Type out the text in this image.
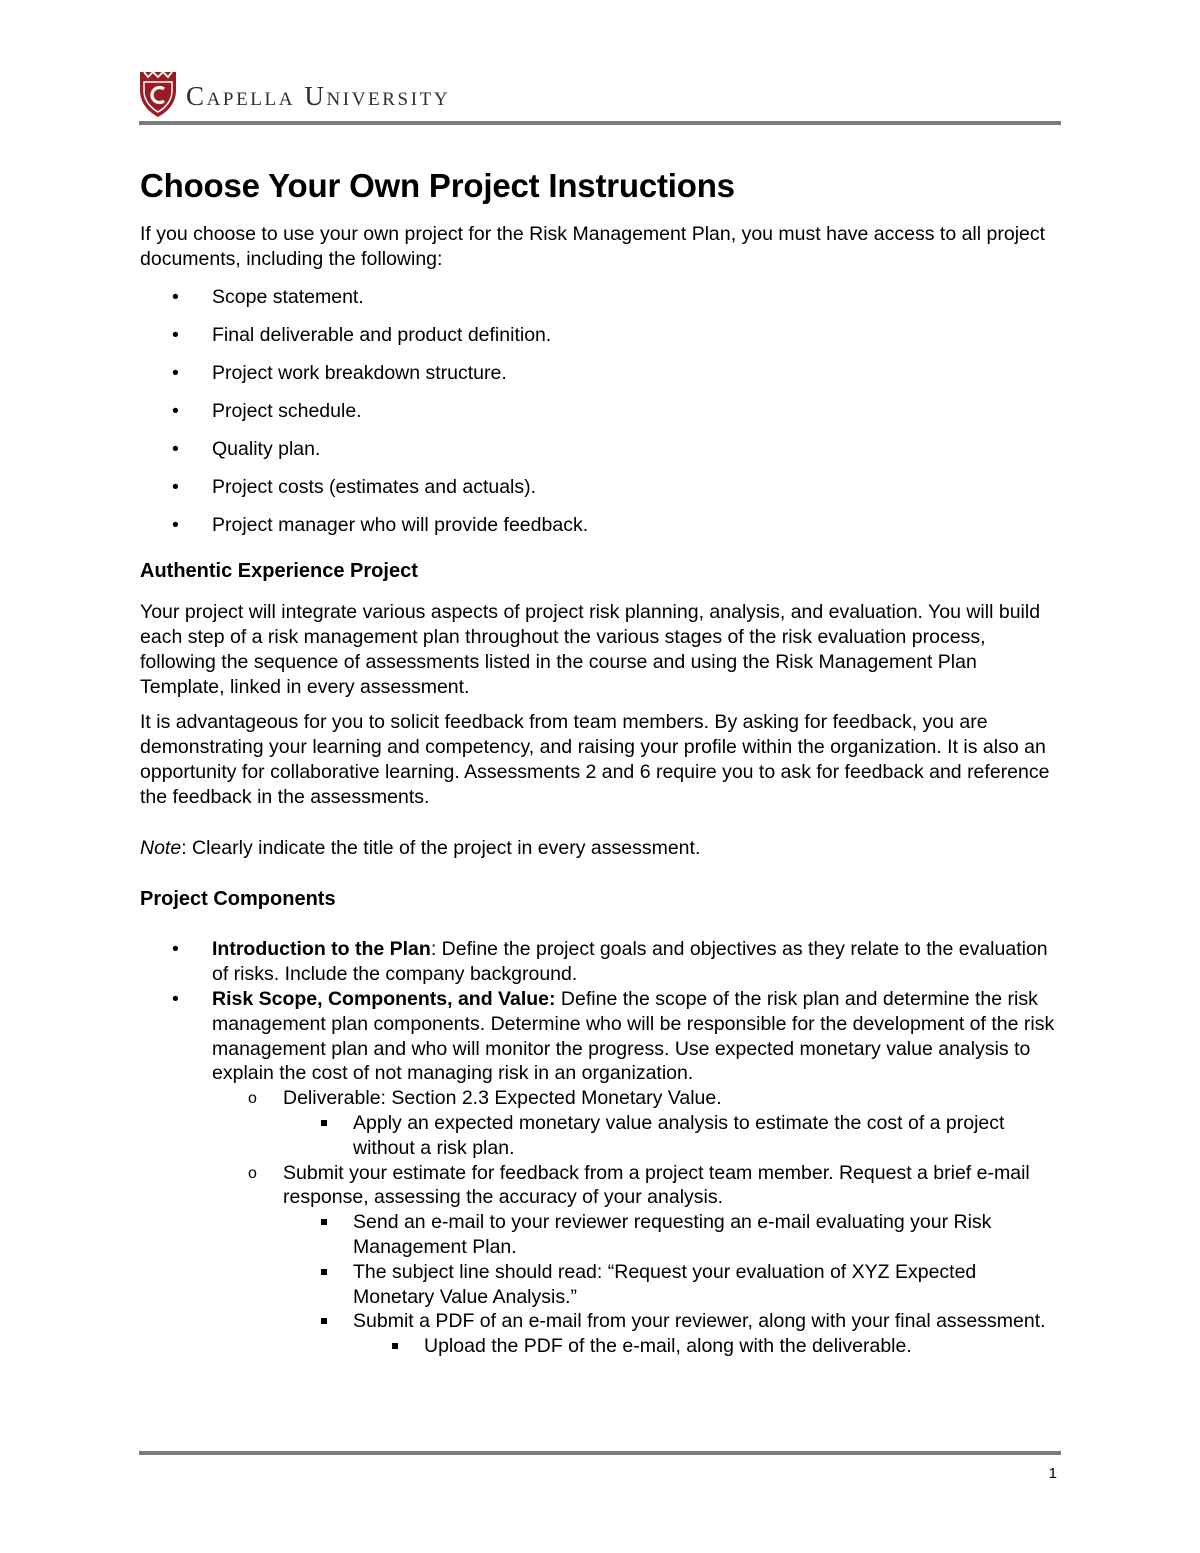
Capella University
Choose Your Own Project Instructions

If you choose to use your own project for the Risk Management Plan, you must have access to all project documents, including the following:

• Scope statement.
• Final deliverable and product definition.
• Project work breakdown structure.
• Project schedule.
• Quality plan.
• Project costs (estimates and actuals).
• Project manager who will provide feedback.
Authentic Experience Project

Your project will integrate various aspects of project risk planning, analysis, and evaluation. You will build each step of a risk management plan throughout the various stages of the risk evaluation process, following the sequence of assessments listed in the course and using the Risk Management Plan Template, linked in every assessment.

It is advantageous for you to solicit feedback from team members. By asking for feedback, you are demonstrating your learning and competency, and raising your profile within the organization. It is also an opportunity for collaborative learning. Assessments 2 and 6 require you to ask for feedback and reference the feedback in the assessments.

Note: Clearly indicate the title of the project in every assessment.

Project Components
• Introduction to the Plan: Define the project goals and objectives as they relate to the evaluation of risks. Include the company background.
• Risk Scope, Components, and Value: Define the scope of the risk plan and determine the risk management plan components. Determine who will be responsible for the development of the risk management plan and who will monitor the progress. Use expected monetary value analysis to explain the cost of not managing risk in an organization.
o Deliverable: Section 2.3 Expected Monetary Value.
Apply an expected monetary value analysis to estimate the cost of a project without a risk plan.
o Submit your estimate for feedback from a project team member. Request a brief e-mail response, assessing the accuracy of your analysis.
Send an e-mail to your reviewer requesting an e-mail evaluating your Risk Management Plan.
The subject line should read: “Request your evaluation of XYZ Expected Monetary Value Analysis.”
Submit a PDF of an e-mail from your reviewer, along with your final assessment.
Upload the PDF of the e-mail, along with the deliverable.
1
